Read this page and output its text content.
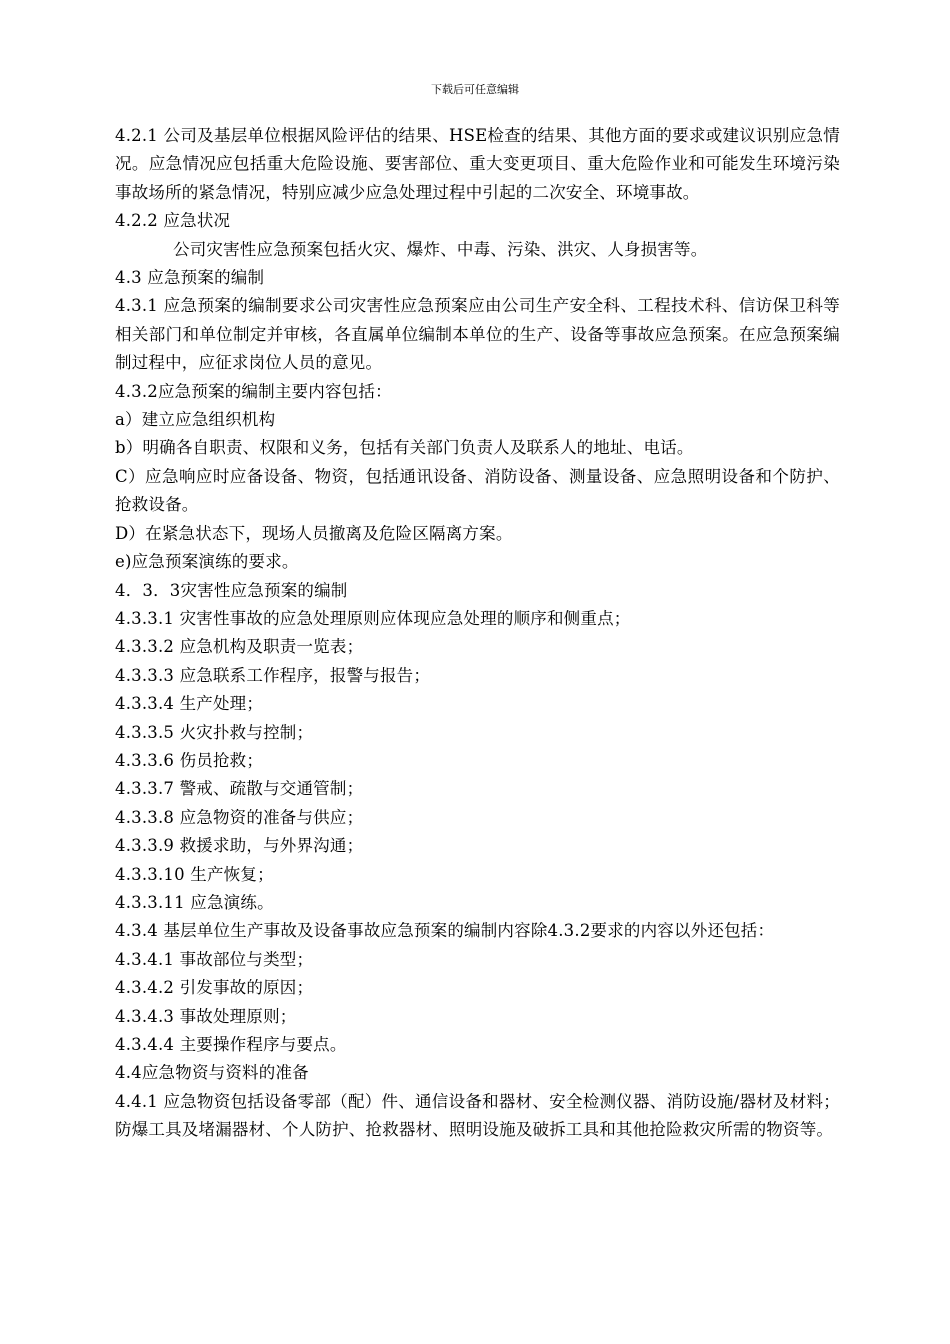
下载后可任意编辑

4.2.1 公司及基层单位根据风险评估的结果、HSE检查的结果、其他方面的要求或建议识别应急情况。应急情况应包括重大危险设施、要害部位、重大变更项目、重大危险作业和可能发生环境污染事故场所的紧急情况，特别应减少应急处理过程中引起的二次安全、环境事故。

4.2.2 应急状况

公司灾害性应急预案包括火灾、爆炸、中毒、污染、洪灾、人身损害等。

4.3 应急预案的编制

4.3.1 应急预案的编制要求公司灾害性应急预案应由公司生产安全科、工程技术科、信访保卫科等相关部门和单位制定并审核，各直属单位编制本单位的生产、设备等事故应急预案。在应急预案编制过程中，应征求岗位人员的意见。

4.3.2应急预案的编制主要内容包括：

a）建立应急组织机构

b）明确各自职责、权限和义务，包括有关部门负责人及联系人的地址、电话。

C）应急响应时应备设备、物资，包括通讯设备、消防设备、测量设备、应急照明设备和个防护、抢救设备。

D）在紧急状态下，现场人员撤离及危险区隔离方案。

e)应急预案演练的要求。

4．3．3灾害性应急预案的编制

4.3.3.1 灾害性事故的应急处理原则应体现应急处理的顺序和侧重点；

4.3.3.2 应急机构及职责一览表；

4.3.3.3 应急联系工作程序，报警与报告；

4.3.3.4 生产处理；

4.3.3.5 火灾扑救与控制；

4.3.3.6 伤员抢救；

4.3.3.7 警戒、疏散与交通管制；

4.3.3.8 应急物资的准备与供应；

4.3.3.9 救援求助，与外界沟通；

4.3.3.10 生产恢复；

4.3.3.11 应急演练。

4.3.4 基层单位生产事故及设备事故应急预案的编制内容除4.3.2要求的内容以外还包括：

4.3.4.1 事故部位与类型；

4.3.4.2 引发事故的原因；

4.3.4.3 事故处理原则；

4.3.4.4 主要操作程序与要点。

4.4应急物资与资料的准备

4.4.1 应急物资包括设备零部（配）件、通信设备和器材、安全检测仪器、消防设施/器材及材料；防爆工具及堵漏器材、个人防护、抢救器材、照明设施及破拆工具和其他抢险救灾所需的物资等。
